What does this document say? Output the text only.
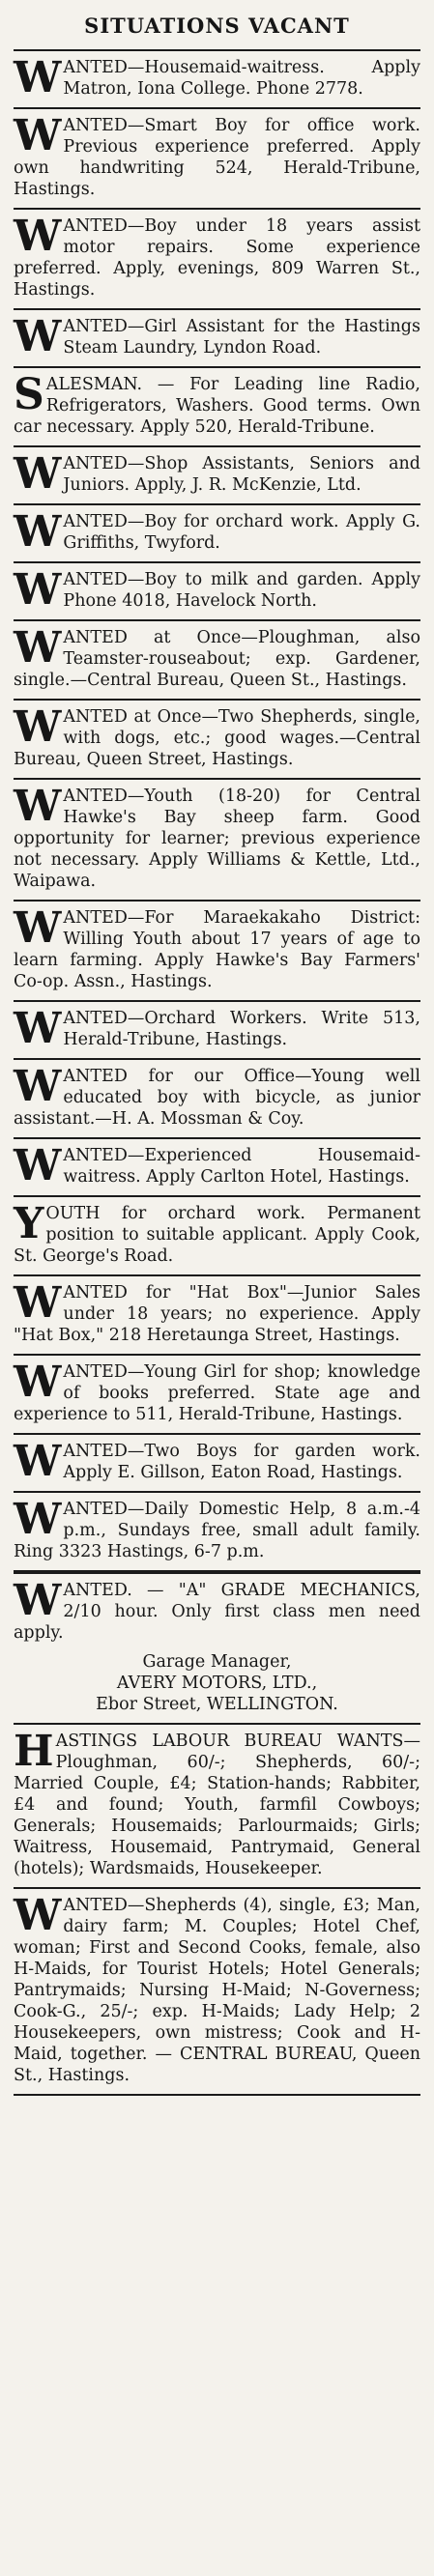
SITUATIONS VACANT

WANTED—Housemaid-waitress. Apply Matron, Iona College. Phone 2778.

WANTED—Smart Boy for office work. Previous experience preferred. Apply own handwriting 524, Herald-Tribune, Hastings.

WANTED—Boy under 18 years assist motor repairs. Some experience preferred. Apply, evenings, 809 Warren St., Hastings.

WANTED—Girl Assistant for the Hastings Steam Laundry, Lyndon Road.

SALESMAN. — For Leading line Radio, Refrigerators, Washers. Good terms. Own car necessary. Apply 520, Herald-Tribune.

WANTED—Shop Assistants, Seniors and Juniors. Apply, J. R. McKenzie, Ltd.

WANTED—Boy for orchard work. Apply G. Griffiths, Twyford.

WANTED—Boy to milk and garden. Apply Phone 4018, Havelock North.

WANTED at Once—Ploughman, also Teamster-rouseabout; exp. Gardener, single.—Central Bureau, Queen St., Hastings.

WANTED at Once—Two Shepherds, single, with dogs, etc.; good wages.—Central Bureau, Queen Street, Hastings.

WANTED—Youth (18-20) for Central Hawke's Bay sheep farm. Good opportunity for learner; previous experience not necessary. Apply Williams & Kettle, Ltd., Waipawa.

WANTED—For Maraekakaho District: Willing Youth about 17 years of age to learn farming. Apply Hawke's Bay Farmers' Co-op. Assn., Hastings.

WANTED—Orchard Workers. Write 513, Herald-Tribune, Hastings.

WANTED for our Office—Young well educated boy with bicycle, as junior assistant.—H. A. Mossman & Coy.

WANTED—Experienced Housemaid-waitress. Apply Carlton Hotel, Hastings.

YOUTH for orchard work. Permanent position to suitable applicant. Apply Cook, St. George's Road.

WANTED for "Hat Box"—Junior Sales under 18 years; no experience. Apply "Hat Box," 218 Heretaunga Street, Hastings.

WANTED—Young Girl for shop; knowledge of books preferred. State age and experience to 511, Herald-Tribune, Hastings.

WANTED—Two Boys for garden work. Apply E. Gillson, Eaton Road, Hastings.

WANTED—Daily Domestic Help, 8 a.m.-4 p.m., Sundays free, small adult family. Ring 3323 Hastings, 6-7 p.m.

WANTED. — "A" GRADE MECHANICS, 2/10 hour. Only first class men need apply.

Garage Manager,

AVERY MOTORS, LTD.,

Ebor Street, WELLINGTON.

HASTINGS LABOUR BUREAU WANTS—Ploughman, 60/-; Shepherds, 60/-; Married Couple, £4; Station-hands; Rabbiter, £4 and found; Youth, farmfil Cowboys; Generals; Housemaids; Parlourmaids; Girls; Waitress, Housemaid, Pantrymaid, General (hotels); Wardsmaids, Housekeeper.

WANTED—Shepherds (4), single, £3; Man, dairy farm; M. Couples; Hotel Chef, woman; First and Second Cooks, female, also H-Maids, for Tourist Hotels; Hotel Generals; Pantrymaids; Nursing H-Maid; N-Governess; Cook-G., 25/-; exp. H-Maids; Lady Help; 2 Housekeepers, own mistress; Cook and H-Maid, together. — CENTRAL BUREAU, Queen St., Hastings.
